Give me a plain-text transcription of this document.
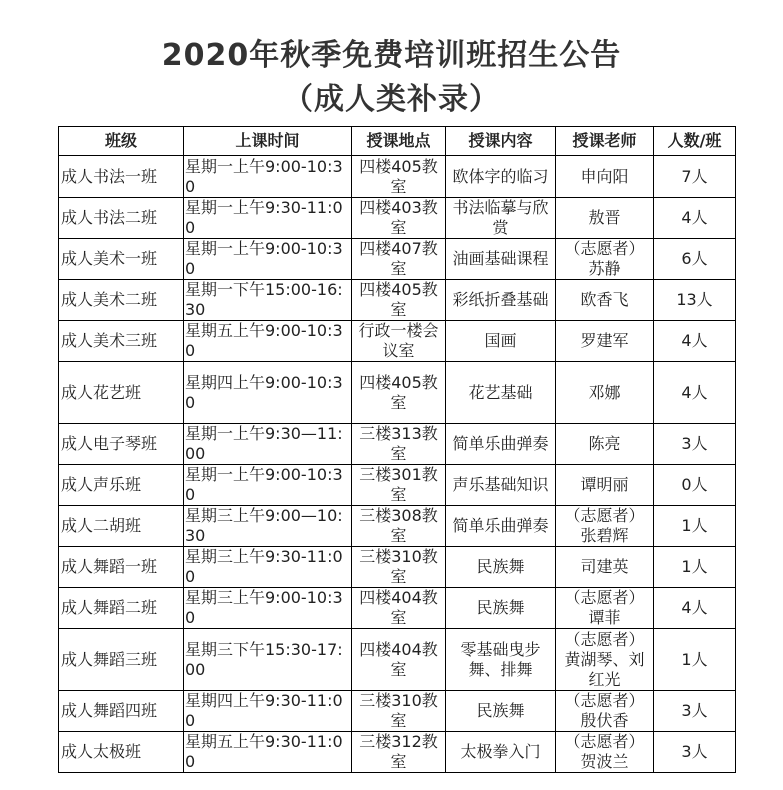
2020年秋季免费培训班招生公告
（成人类补录）
班级	上课时间	授课地点	授课内容	授课老师	人数/班
成人书法一班	星期一上午9:00-10:30	四楼405教室	欧体字的临习	申向阳	7人
成人书法二班	星期一上午9:30-11:00	四楼403教室	书法临摹与欣赏	敖晋	4人
成人美术一班	星期一上午9:00-10:30	四楼407教室	油画基础课程	（志愿者）苏静	6人
成人美术二班	星期一下午15:00-16:30	四楼405教室	彩纸折叠基础	欧香飞	13人
成人美术三班	星期五上午9:00-10:30	行政一楼会议室	国画	罗建军	4人
成人花艺班	星期四上午9:00-10:30	四楼405教室	花艺基础	邓娜	4人
成人电子琴班	星期一上午9:30—11:00	三楼313教室	简单乐曲弹奏	陈亮	3人
成人声乐班	星期一上午9:00-10:30	三楼301教室	声乐基础知识	谭明丽	0人
成人二胡班	星期三上午9:00—10:30	三楼308教室	简单乐曲弹奏	（志愿者）张碧辉	1人
成人舞蹈一班	星期三上午9:30-11:00	三楼310教室	民族舞	司建英	1人
成人舞蹈二班	星期三上午9:00-10:30	四楼404教室	民族舞	（志愿者）谭菲	4人
成人舞蹈三班	星期三下午15:30-17:00	四楼404教室	零基础曳步舞、排舞	（志愿者）黄湖琴、刘红光	1人
成人舞蹈四班	星期四上午9:30-11:00	三楼310教室	民族舞	（志愿者）殷伏香	3人
成人太极班	星期五上午9:30-11:00	三楼312教室	太极拳入门	（志愿者）贺波兰	3人
